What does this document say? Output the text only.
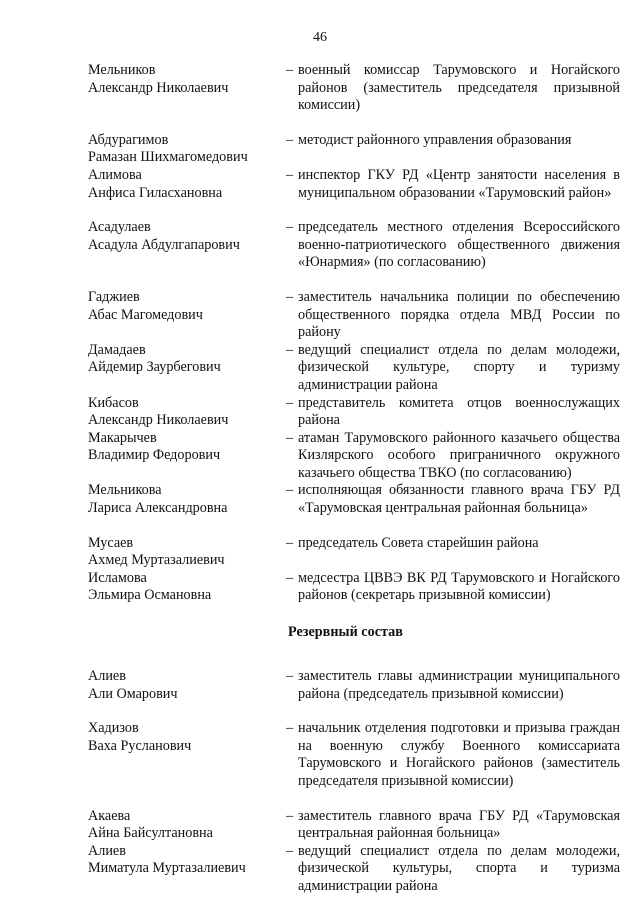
46
Мельников
Александр Николаевич
– военный комиссар Тарумовского и Ногайского районов (заместитель председателя призывной комиссии)
Абдурагимов
Рамазан Шихмагомедович
– методист районного управления образования
Алимова
Анфиса Гиласхановна
– инспектор ГКУ РД «Центр занятости населения в муниципальном образовании «Тарумовский район»
Асадулаев
Асадула Абдулгапарович
– председатель местного отделения Всероссийского военно-патриотического общественного движения «Юнармия» (по согласованию)
Гаджиев
Абас Магомедович
– заместитель начальника полиции по обеспечению общественного порядка отдела МВД России по району
Дамадаев
Айдемир Заурбегович
– ведущий специалист отдела по делам молодежи, физической культуре, спорту и туризму администрации района
Кибасов
Александр Николаевич
– представитель комитета отцов военнослужащих района
Макарычев
Владимир Федорович
– атаман Тарумовского районного казачьего общества Кизлярского особого приграничного окружного казачьего общества ТВКО (по согласованию)
Мельникова
Лариса Александровна
– исполняющая обязанности главного врача ГБУ РД «Тарумовская центральная районная больница»
Мусаев
Ахмед Муртазалиевич
– председатель Совета старейшин района
Исламова
Эльмира Османовна
– медсестра ЦВВЭ ВК РД Тарумовского и Ногайского районов (секретарь призывной комиссии)
Резервный состав
Алиев
Али Омарович
– заместитель главы администрации муниципального района (председатель призывной комиссии)
Хадизов
Ваха Русланович
– начальник отделения подготовки и призыва граждан на военную службу Военного комиссариата Тарумовского и Ногайского районов (заместитель председателя призывной комиссии)
Акаева
Айна Байсултановна
– заместитель главного врача ГБУ РД «Тарумовская центральная районная больница»
Алиев
Миматула Муртазалиевич
– ведущий специалист отдела по делам молодежи, физической культуры, спорта и туризма администрации района
